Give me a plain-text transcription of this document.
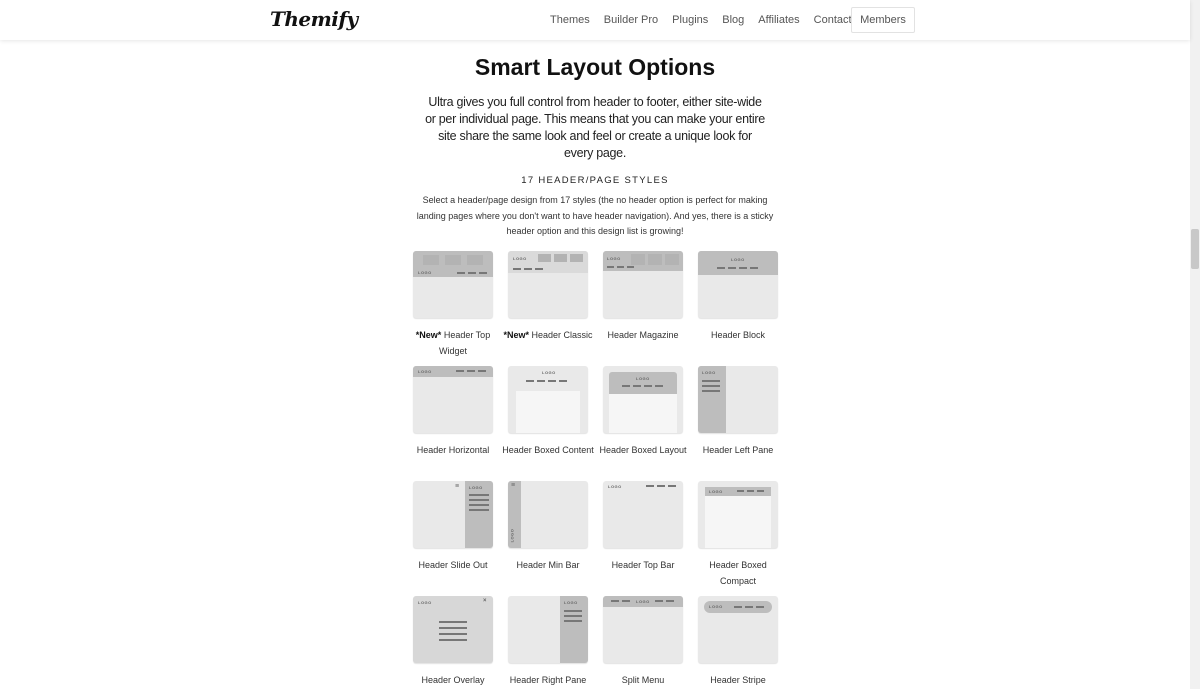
Themify	Themes Builder Pro Plugins Blog Affiliates Contact Members
Smart Layout Options

Ultra gives you full control from header to footer, either site-wide or per individual page. This means that you can make your entire site share the same look and feel or create a unique look for every page.

17 HEADER/PAGE STYLES

Select a header/page design from 17 styles (the no header option is perfect for making landing pages where you don't want to have header navigation). And yes, there is a sticky header option and this design list is growing!

LOGO
*New* Header Top Widget
LOGO
*New* Header Classic
LOGO
Header Magazine
LOGO
Header Block
LOGO
Header Horizontal
LOGO
Header Boxed Content
LOGO
Header Boxed Layout
LOGO
Header Left Pane
≡ LOGO
Header Slide Out
≡
LOGO
Header Min Bar
LOGO
Header Top Bar
LOGO
Header Boxed Compact
LOGO	×
Header Overlay
LOGO
Header Right Pane
LOGO
Split Menu
LOGO
Header Stripe
